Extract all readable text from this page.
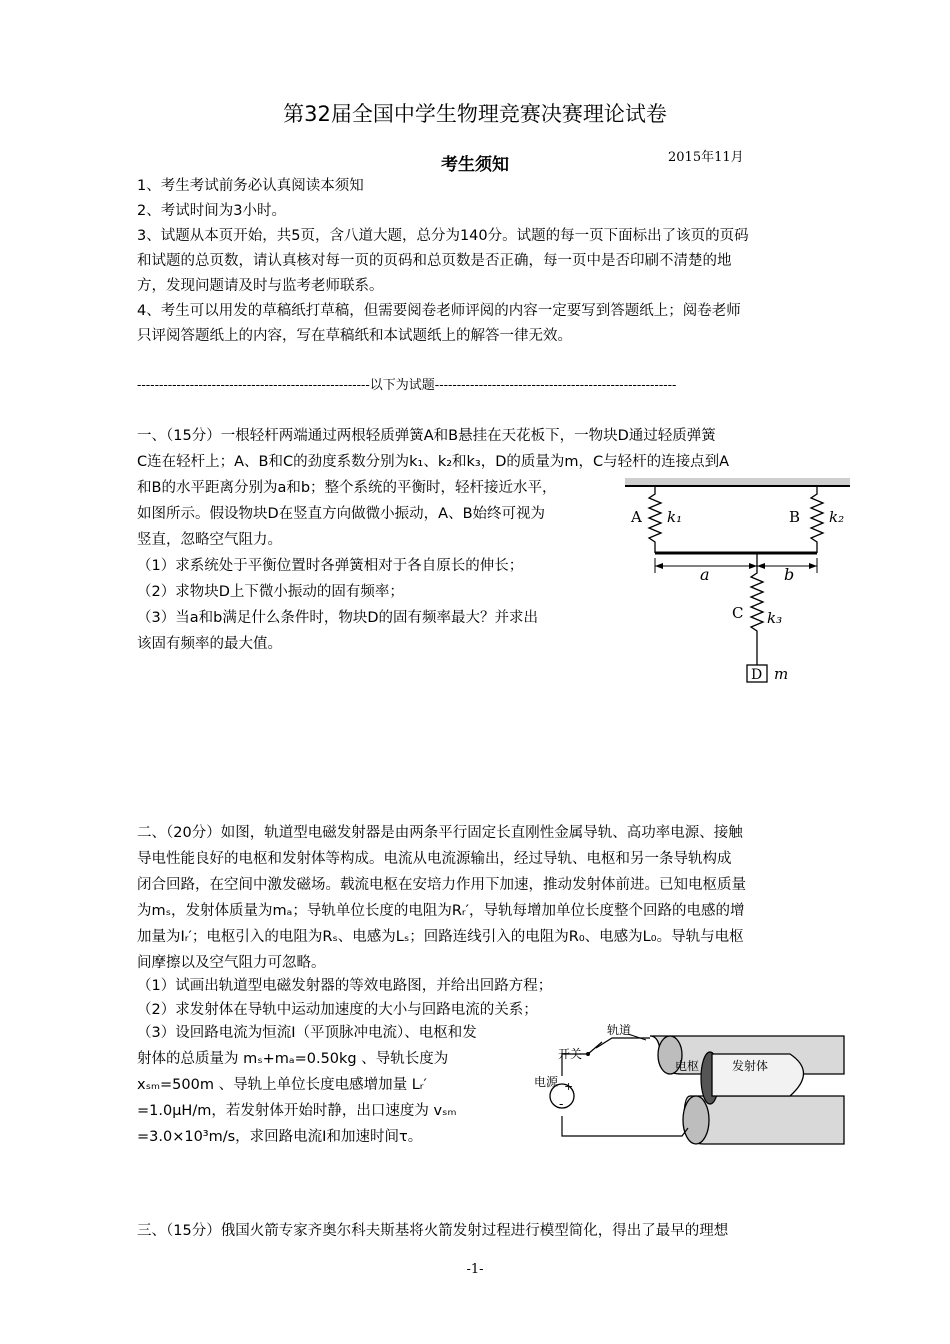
第32届全国中学生物理竞赛决赛理论试卷
考生须知	2015年11月
1、考生考试前务必认真阅读本须知
2、考试时间为3小时。
3、试题从本页开始，共5页，含八道大题，总分为140分。试题的每一页下面标出了该页的页码
和试题的总页数，请认真核对每一页的页码和总页数是否正确，每一页中是否印刷不清楚的地
方，发现问题请及时与监考老师联系。
4、考生可以用发的草稿纸打草稿，但需要阅卷老师评阅的内容一定要写到答题纸上；阅卷老师
只评阅答题纸上的内容，写在草稿纸和本试题纸上的解答一律无效。
-----------------------------------------------------以下为试题-------------------------------------------------------
一、（15分）一根轻杆两端通过两根轻质弹簧A和B悬挂在天花板下，一物块D通过轻质弹簧
C连在轻杆上；A、B和C的劲度系数分别为k₁、k₂和k₃，D的质量为m，C与轻杆的连接点到A
和B的水平距离分别为a和b；整个系统的平衡时，轻杆接近水平，
如图所示。假设物块D在竖直方向做微小振动，A、B始终可视为
竖直，忽略空气阻力。
（1）求系统处于平衡位置时各弹簧相对于各自原长的伸长；
（2）求物块D上下微小振动的固有频率；
（3）当a和b满足什么条件时，物块D的固有频率最大？并求出
该固有频率的最大值。
A k₁	B k₂
a	b
C k₃
D m
二、（20分）如图，轨道型电磁发射器是由两条平行固定长直刚性金属导轨、高功率电源、接触
导电性能良好的电枢和发射体等构成。电流从电流源输出，经过导轨、电枢和另一条导轨构成
闭合回路，在空间中激发磁场。载流电枢在安培力作用下加速，推动发射体前进。已知电枢质量
为mₛ，发射体质量为mₐ；导轨单位长度的电阻为Rᵣ′，导轨每增加单位长度整个回路的电感的增
加量为Iᵣ′；电枢引入的电阻为Rₛ、电感为Lₛ；回路连线引入的电阻为R₀、电感为L₀。导轨与电枢
间摩擦以及空气阻力可忽略。
（1）试画出轨道型电磁发射器的等效电路图，并给出回路方程；
（2）求发射体在导轨中运动加速度的大小与回路电流的关系；
（3）设回路电流为恒流I（平顶脉冲电流）、电枢和发
射体的总质量为 mₛ+mₐ=0.50kg 、导轨长度为
xₛₘ=500m 、导轨上单位长度电感增加量 Lᵣ′
=1.0μH/m，若发射体开始时静，出口速度为 vₛₘ
=3.0×10³m/s，求回路电流I和加速时间τ。
轨道
开关
电源 +
-
电枢	发射体
三、（15分）俄国火箭专家齐奥尔科夫斯基将火箭发射过程进行模型简化，得出了最早的理想
-1-
